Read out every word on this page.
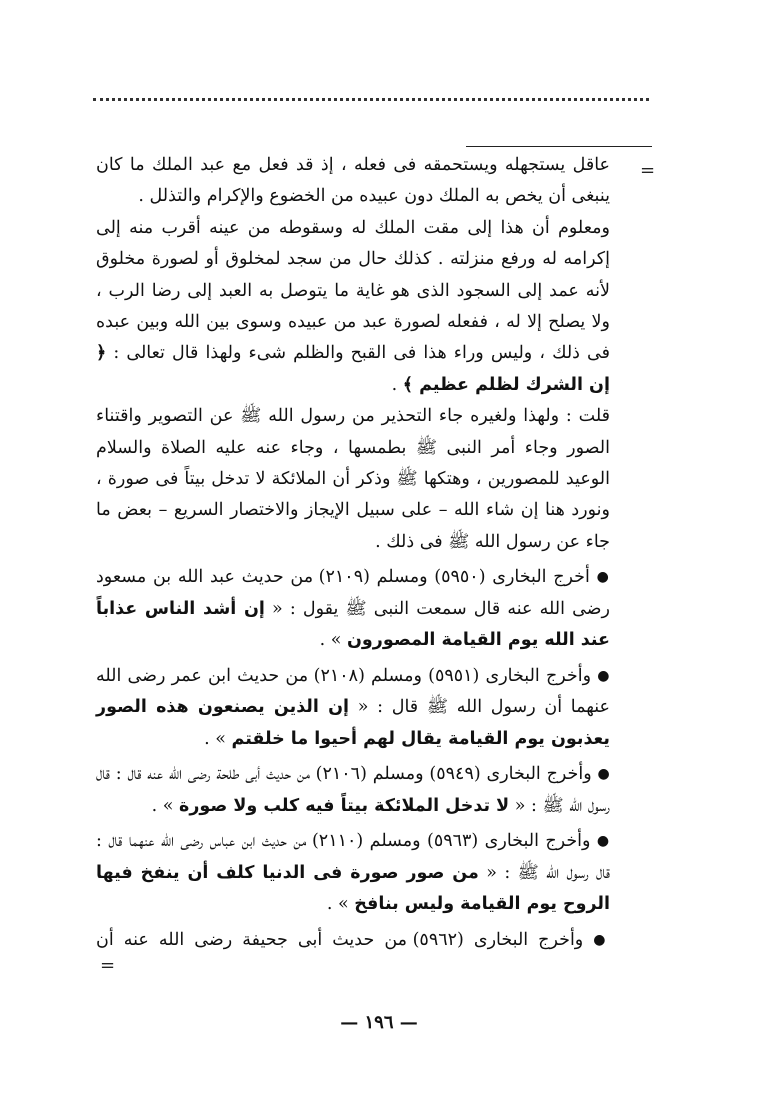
=
=

عاقل يستجهله ويستحمقه فى فعله ، إذ قد فعل مع عبد الملك ما كان ينبغى أن يخص به الملك دون عبيده من الخضوع والإكرام والتذلل .

ومعلوم أن هذا إلى مقت الملك له وسقوطه من عينه أقرب منه إلى إكرامه له ورفع منزلته . كذلك حال من سجد لمخلوق أو لصورة مخلوق لأنه عمد إلى السجود الذى هو غاية ما يتوصل به العبد إلى رضا الرب ، ولا يصلح إلا له ، ففعله لصورة عبد من عبيده وسوى بين الله وبين عبده فى ذلك ، وليس وراء هذا فى القبح والظلم شىء ولهذا قال تعالى : ﴿ إن الشرك لظلم عظيم ﴾ .

قلت : ولهذا ولغيره جاء التحذير من رسول الله ﷺ عن التصوير واقتناء الصور وجاء أمر النبى ﷺ بطمسها ، وجاء عنه عليه الصلاة والسلام الوعيد للمصورين ، وهتكها ﷺ وذكر أن الملائكة لا تدخل بيتاً فى صورة ، ونورد هنا إن شاء الله – على سبيل الإيجاز والاختصار السريع – بعض ما جاء عن رسول الله ﷺ فى ذلك .

● أخرج البخارى (٥٩٥٠) ومسلم (٢١٠٩) من حديث عبد الله بن مسعود رضى الله عنه قال سمعت النبى ﷺ يقول : « إن أشد الناس عذاباً عند الله يوم القيامة المصورون » .

● وأخرج البخارى (٥٩٥١) ومسلم (٢١٠٨) من حديث ابن عمر رضى الله عنهما أن رسول الله ﷺ قال : « إن الذين يصنعون هذه الصور يعذبون يوم القيامة يقال لهم أحيوا ما خلقتم » .

● وأخرج البخارى (٥٩٤٩) ومسلم (٢١٠٦) من حديث أبى طلحة رضى الله عنه قال : قال رسول الله ﷺ : « لا تدخل الملائكة بيتاً فيه كلب ولا صورة » .

● وأخرج البخارى (٥٩٦٣) ومسلم (٢١١٠) من حديث ابن عباس رضى الله عنهما قال : قال رسول الله ﷺ : « من صور صورة فى الدنيا كلف أن ينفخ فيها الروح يوم القيامة وليس بنافخ » .

● وأخرج البخارى (٥٩٦٢) من حديث أبى جحيفة رضى الله عنه أن

— ١٩٦ —
